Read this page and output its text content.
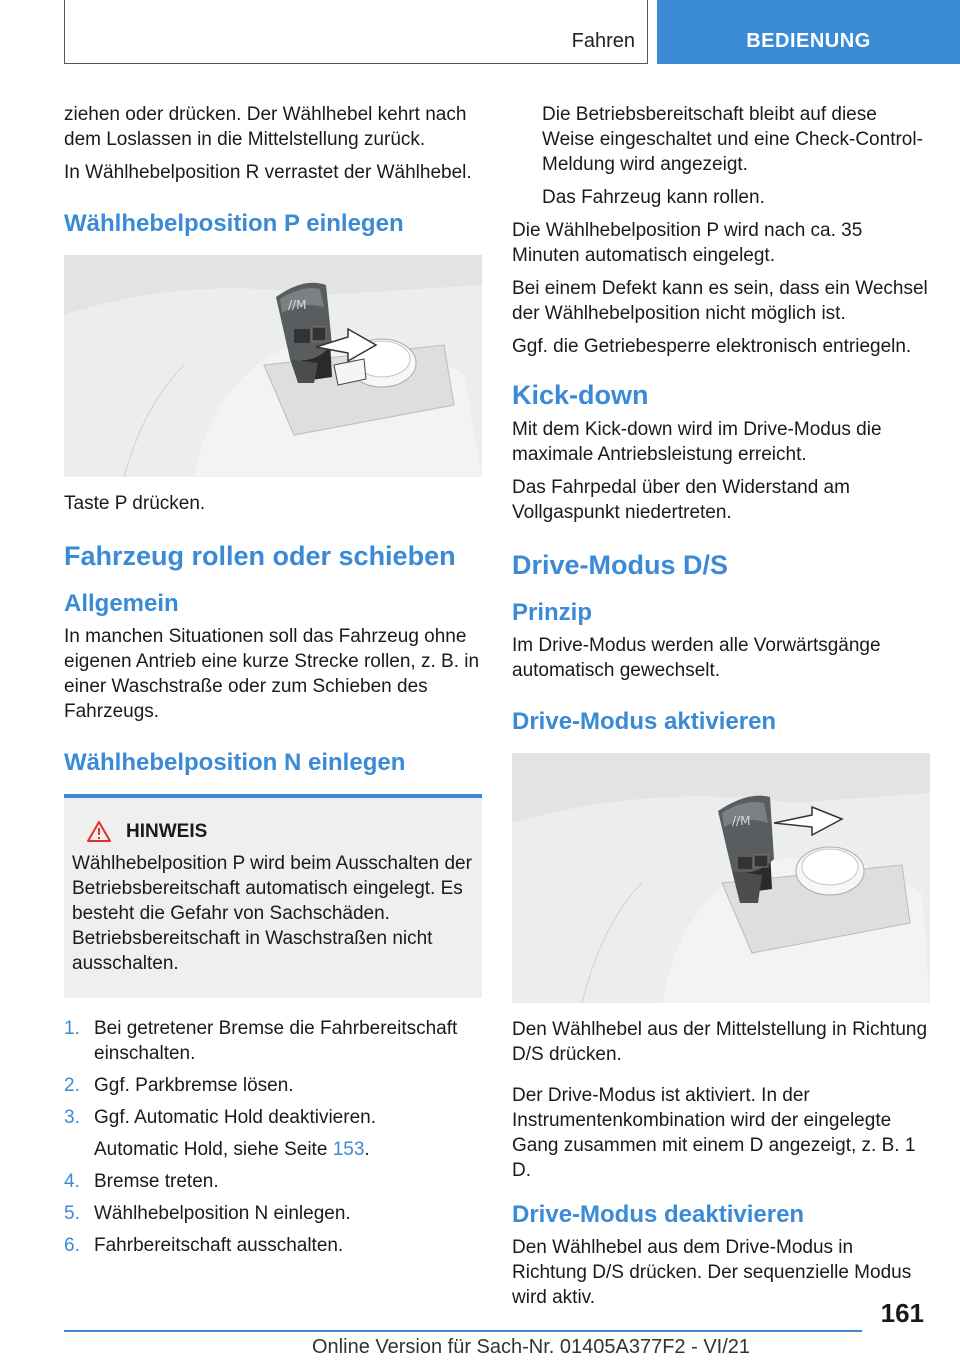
Fahren	BEDIENUNG

ziehen oder drücken. Der Wählhebel kehrt nach dem Loslassen in die Mittelstellung zurück.

In Wählhebelposition R verrastet der Wählhebel.

Wählhebelposition P einlegen
//M

Taste P drücken.

Fahrzeug rollen oder schieben
Allgemein

In manchen Situationen soll das Fahrzeug ohne eigenen Antrieb eine kurze Strecke rollen, z. B. in einer Waschstraße oder zum Schieben des Fahrzeugs.

Wählhebelposition N einlegen
HINWEIS

Wählhebelposition P wird beim Ausschalten der Betriebsbereitschaft automatisch eingelegt. Es besteht die Gefahr von Sachschäden. Betriebsbereitschaft in Waschstraßen nicht ausschalten.

1. Bei getretener Bremse die Fahrbereitschaft einschalten.
2. Ggf. Parkbremse lösen.
3. Ggf. Automatic Hold deaktivieren.
Automatic Hold, siehe Seite 153.
4. Bremse treten.
5. Wählhebelposition N einlegen.
6. Fahrbereitschaft ausschalten.

Die Betriebsbereitschaft bleibt auf diese Weise eingeschaltet und eine Check-Control-Meldung wird angezeigt.

Das Fahrzeug kann rollen.

Die Wählhebelposition P wird nach ca. 35 Minuten automatisch eingelegt.

Bei einem Defekt kann es sein, dass ein Wechsel der Wählhebelposition nicht möglich ist.

Ggf. die Getriebesperre elektronisch entriegeln.

Kick-down

Mit dem Kick-down wird im Drive-Modus die maximale Antriebsleistung erreicht.

Das Fahrpedal über den Widerstand am Vollgaspunkt niedertreten.

Drive-Modus D/S
Prinzip

Im Drive-Modus werden alle Vorwärtsgänge automatisch gewechselt.

Drive-Modus aktivieren
//M

Den Wählhebel aus der Mittelstellung in Richtung D/S drücken.

Der Drive-Modus ist aktiviert. In der Instrumentenkombination wird der eingelegte Gang zusammen mit einem D angezeigt, z. B. 1 D.

Drive-Modus deaktivieren

Den Wählhebel aus dem Drive-Modus in Richtung D/S drücken. Der sequenzielle Modus wird aktiv.

161
Online Version für Sach-Nr. 01405A377F2 - VI/21
